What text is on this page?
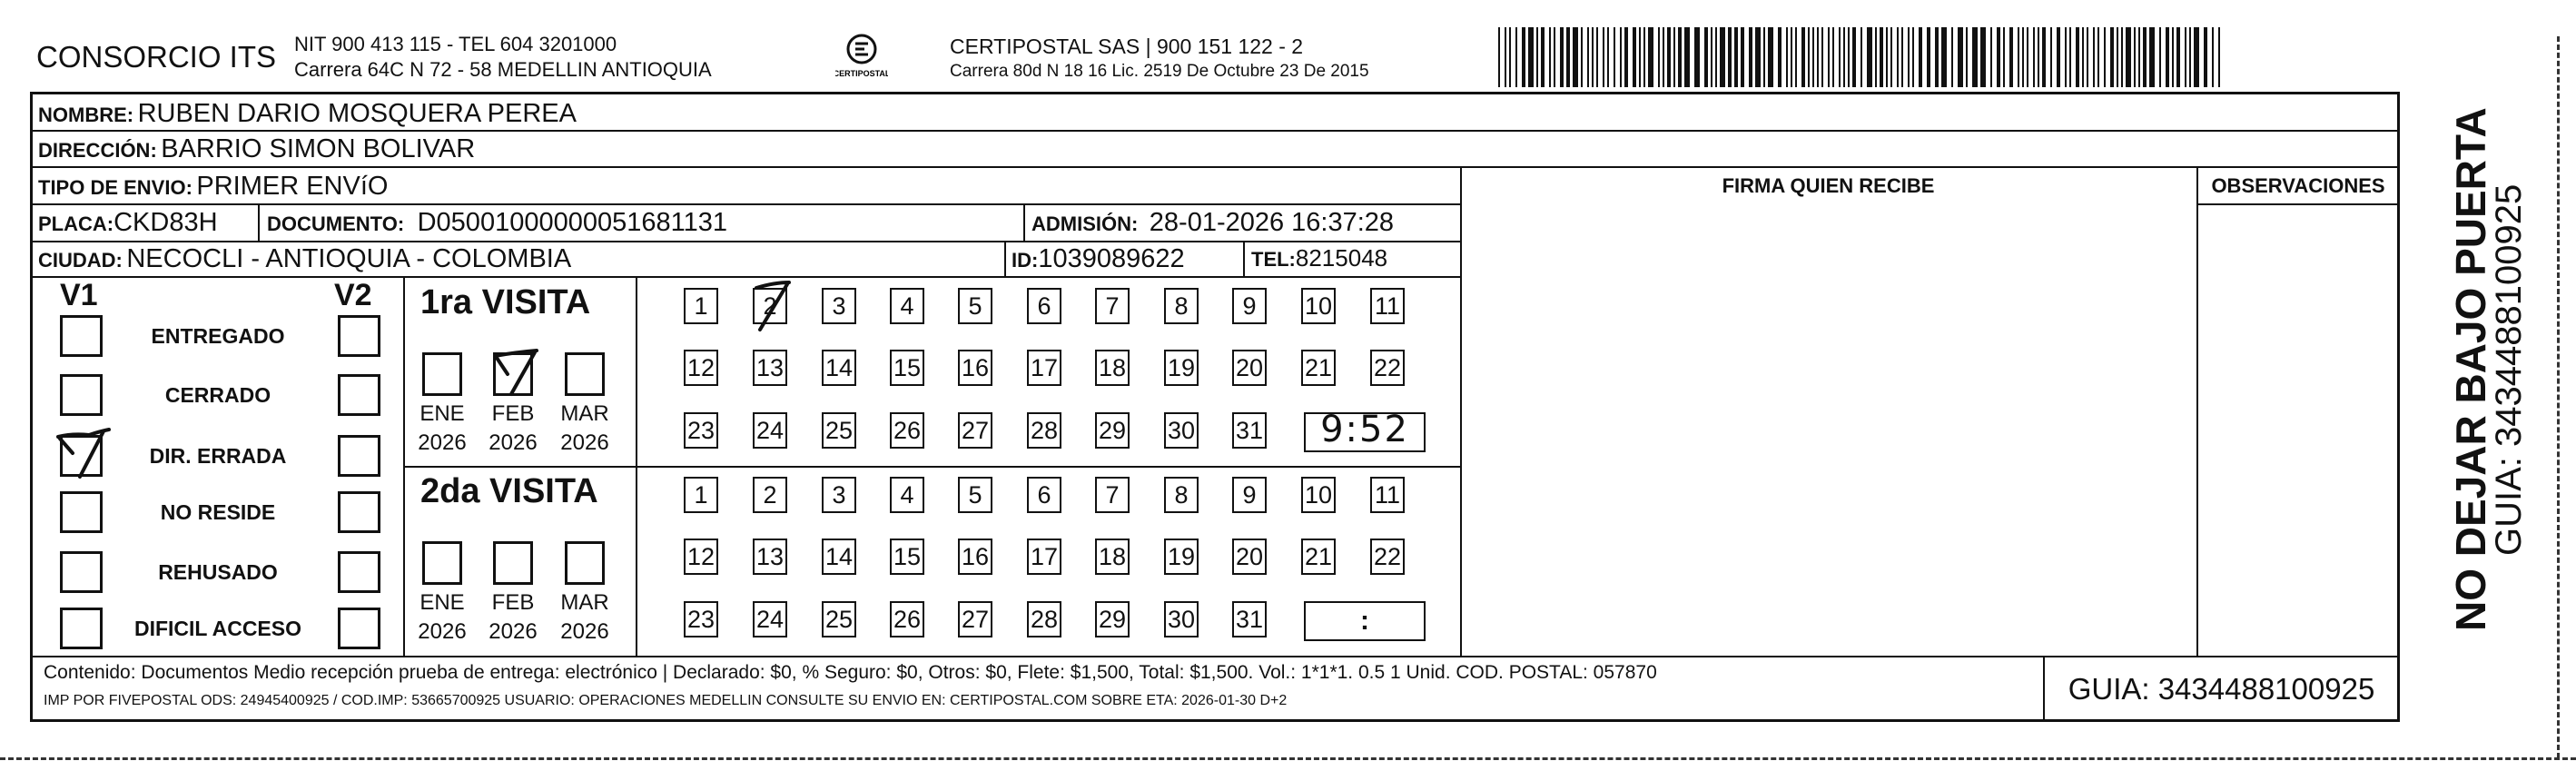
CONSORCIO ITS NIT 900 413 115 - TEL 604 3201000
Carrera 64C N 72 - 58 MEDELLIN ANTIOQUIA	CERTIPOSTAL
CERTIPOSTAL SAS | 900 151 122 - 2
Carrera 80d N 18 16 Lic. 2519 De Octubre 23 De 2015
NOMBRE: RUBEN DARIO MOSQUERA PEREA
DIRECCIÓN: BARRIO SIMON BOLIVAR
TIPO DE ENVIO: PRIMER ENVíO
PLACA:CKD83H DOCUMENTO: D05001000000051681131	ADMISIÓN: 28-01-2026 16:37:28
CIUDAD: NECOCLI - ANTIOQUIA - COLOMBIA	ID:1039089622	TEL:8215048
FIRMA QUIEN RECIBE	OBSERVACIONES
V1	V2
ENTREGADO
CERRADO
DIR. ERRADA
NO RESIDE
REHUSADO
DIFICIL ACCESO
1ra VISITA
2da VISITA
ENE
2026
FEB
2026
MAR
2026
1	2	3	4	5	6	7	8	9	10 11
12 13 14 15 16 17 18 19 20 21 22
23 24 25 26 27 28 29 30 31 9:52
ENE
2026
FEB
2026
MAR
2026
1	2	3	4	5	6	7	8	9	10 11
12 13 14 15 16 17 18 19 20 21 22
23 24 25 26 27 28 29 30 31	:
Contenido: Documentos Medio recepción prueba de entrega: electrónico | Declarado: $0, % Seguro: $0, Otros: $0, Flete: $1,500, Total: $1,500. Vol.: 1*1*1. 0.5 1 Unid. COD. POSTAL: 057870
IMP POR FIVEPOSTAL ODS: 24945400925 / COD.IMP: 53665700925 USUARIO: OPERACIONES MEDELLIN CONSULTE SU ENVIO EN: CERTIPOSTAL.COM SOBRE ETA: 2026-01-30 D+2	GUIA: 3434488100925
NO DEJAR BAJO PUERTA
GUIA: 3434488100925
